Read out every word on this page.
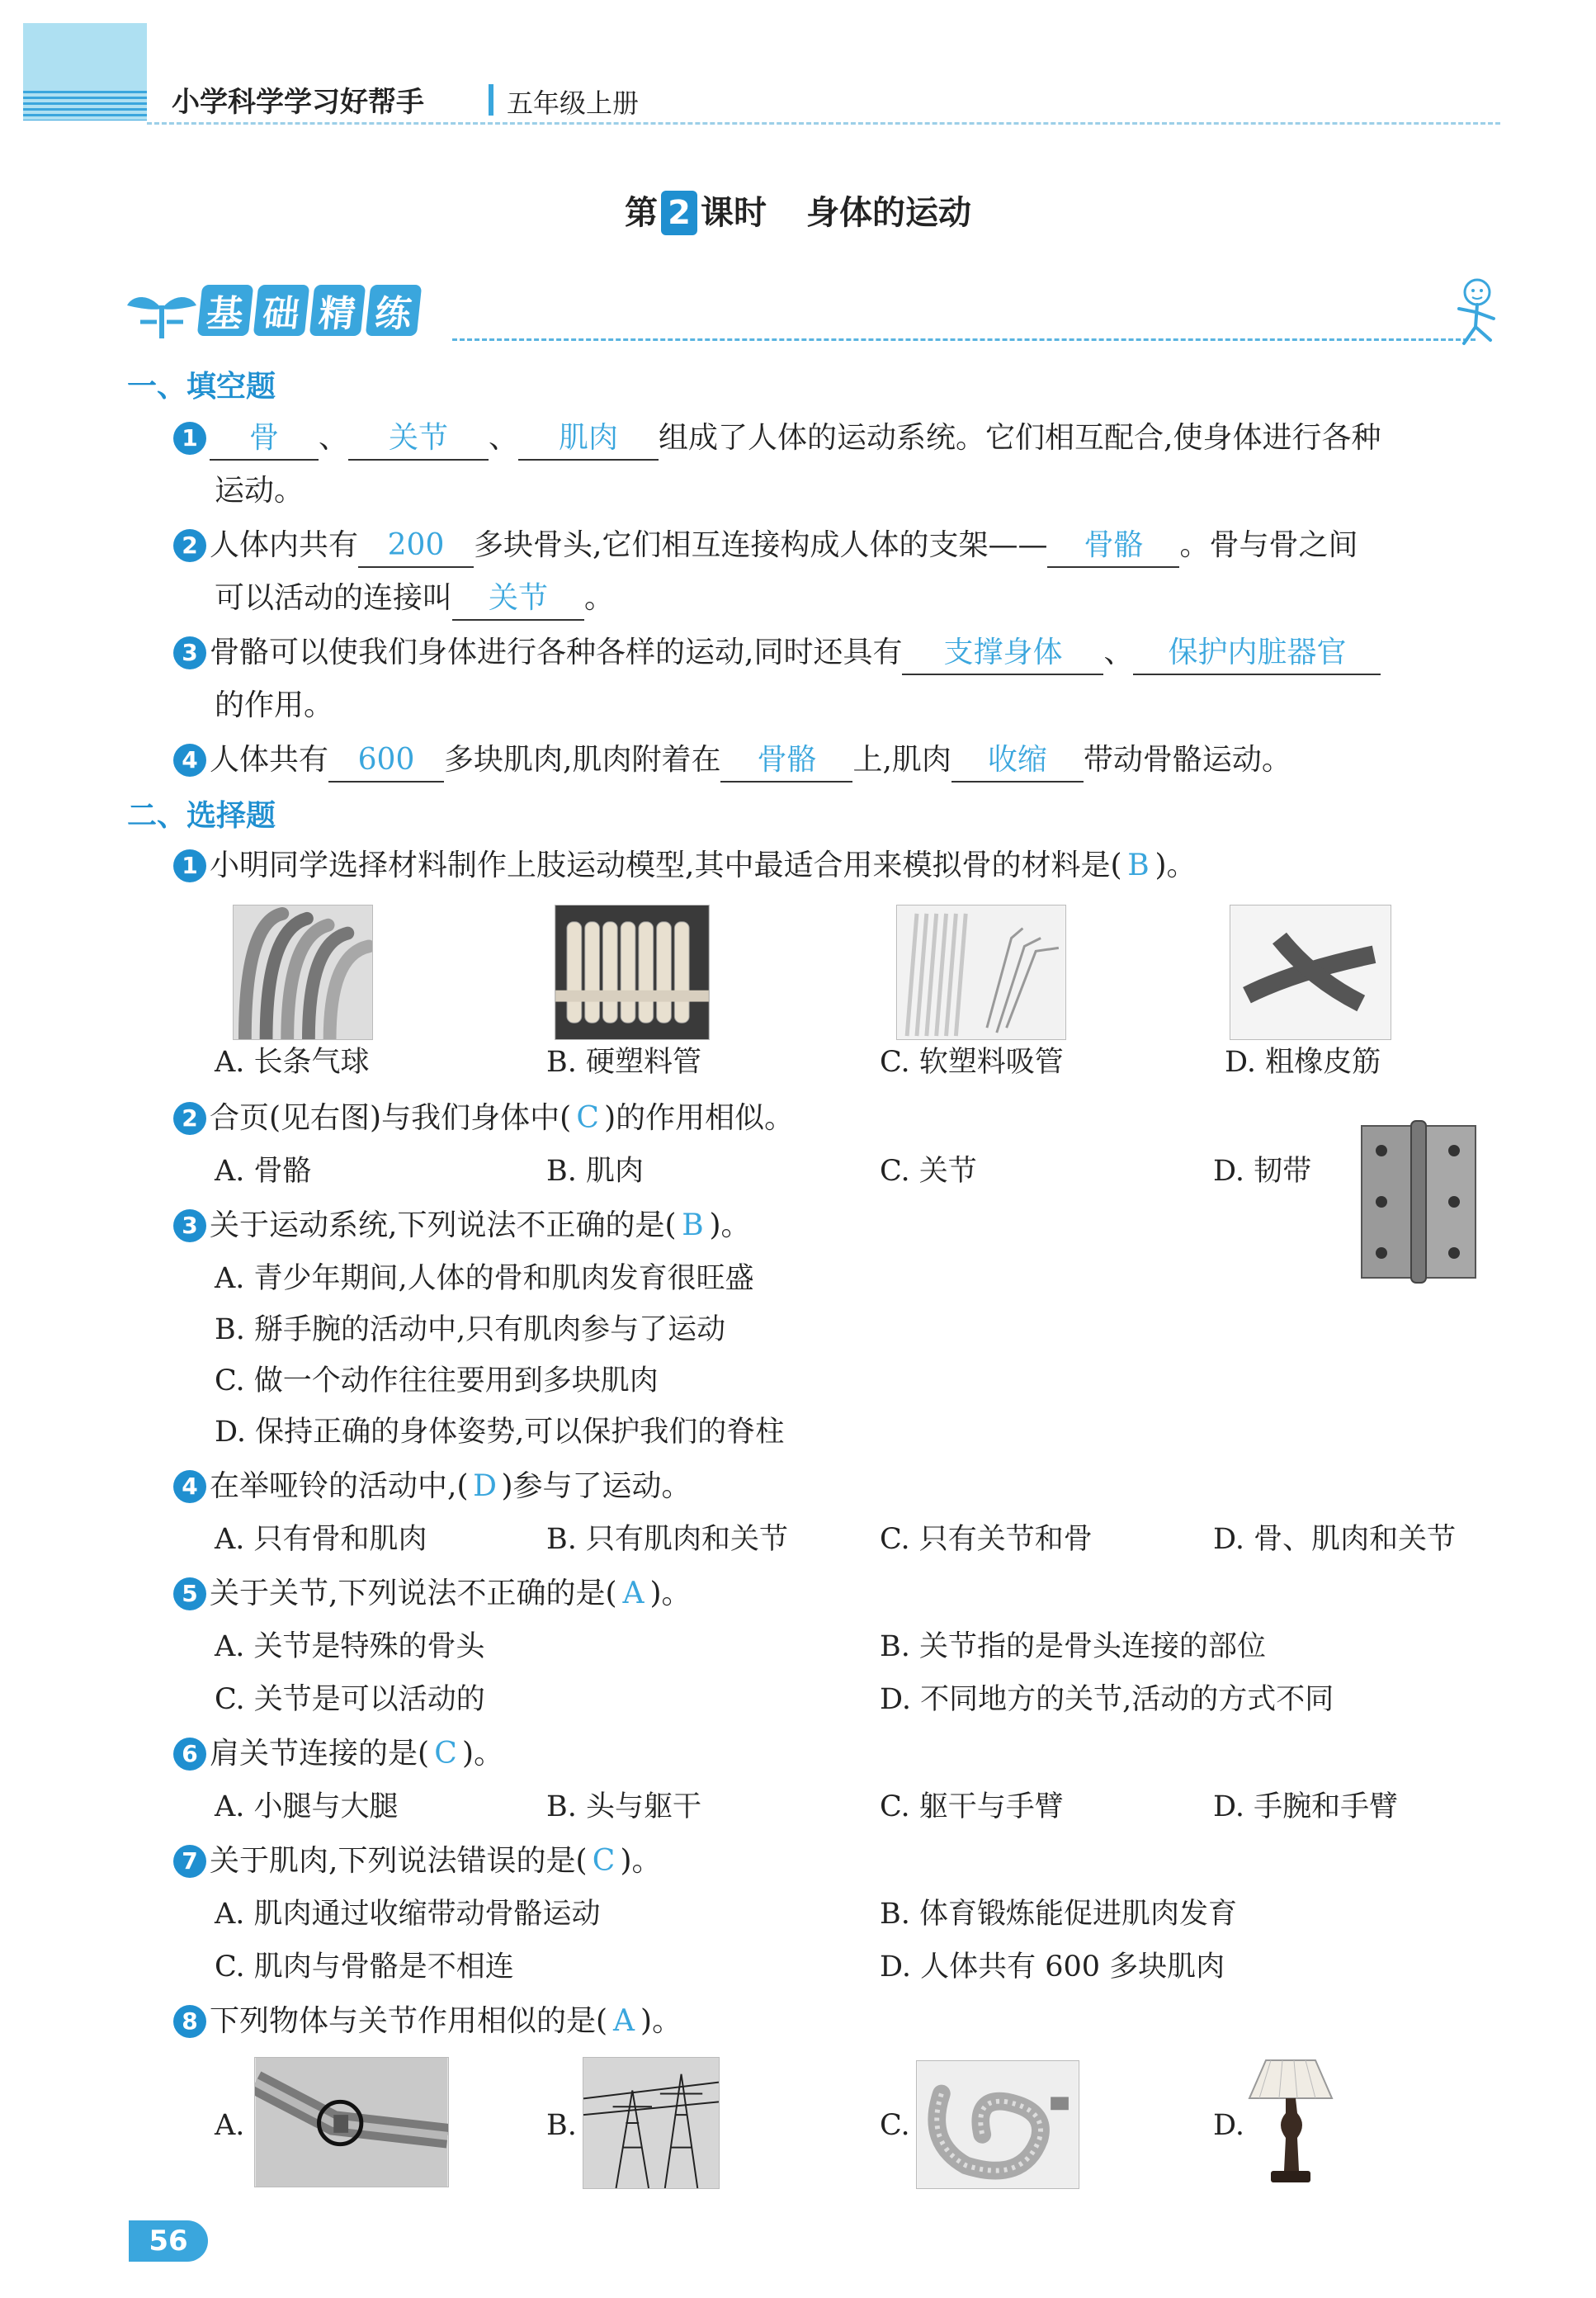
小学科学学习好帮手	五年级上册
第 2 课时 身体的运动
基 础 精 练
一、填空题
1 骨 、 关节 、 肌肉 组成了人体的运动系统。它们相互配合,使身体进行各种
运动。
2 人体内共有 200 多块骨头,它们相互连接构成人体的支架—— 骨骼 。骨与骨之间
可以活动的连接叫 关节 。
3 骨骼可以使我们身体进行各种各样的运动,同时还具有 支撑身体 、 保护内脏器官
的作用。
4 人体共有 600 多块肌肉,肌肉附着在 骨骼 上,肌肉 收缩 带动骨骼运动。
二、选择题
1 小明同学选择材料制作上肢运动模型,其中最适合用来模拟骨的材料是( B )。
A. 长条气球	B. 硬塑料管	C. 软塑料吸管	D. 粗橡皮筋
2 合页(见右图)与我们身体中( C )的作用相似。
A. 骨骼	B. 肌肉	C. 关节	D. 韧带
3 关于运动系统,下列说法不正确的是( B )。
A. 青少年期间,人体的骨和肌肉发育很旺盛
B. 掰手腕的活动中,只有肌肉参与了运动
C. 做一个动作往往要用到多块肌肉
D. 保持正确的身体姿势,可以保护我们的脊柱
4 在举哑铃的活动中,( D )参与了运动。
A. 只有骨和肌肉	B. 只有肌肉和关节	C. 只有关节和骨	D. 骨、肌肉和关节
5 关于关节,下列说法不正确的是( A )。
A. 关节是特殊的骨头	B. 关节指的是骨头连接的部位
C. 关节是可以活动的	D. 不同地方的关节,活动的方式不同
6 肩关节连接的是( C )。
A. 小腿与大腿	B. 头与躯干	C. 躯干与手臂	D. 手腕和手臂
7 关于肌肉,下列说法错误的是( C )。
A. 肌肉通过收缩带动骨骼运动	B. 体育锻炼能促进肌肉发育
C. 肌肉与骨骼是不相连	D. 人体共有 600 多块肌肉
8 下列物体与关节作用相似的是( A )。
A.	B.	C.	D.
56
